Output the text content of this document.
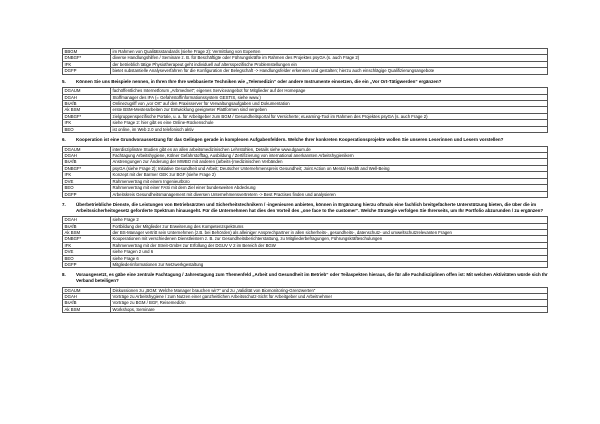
BBGM	im Rahmen von Qualitätsstandards (siehe Frage 2): Vermittlung von Experten
DNBGF*	diverse Handlungshilfen / Seminare z. B. für Beschäftigte oder Führungskräfte im Rahmen des Projektes psyGA (s. auch Frage 2)
IFK	der betrieblich tätige Physiotherapeut geht individuell auf altersspezifische Problemstellungen ein
DGFP	bietet substantielle Analyseverfahren für die Konfiguration der Belegschaft -> Handlungsfelder erkennen und gestalten; hierzu auch einschlägige Qualifizierungsangebote
5.	Können Sie uns Beispiele nennen, in Ihren Ihre Ihre webbasierte Techniken wie „Telemedizin“ oder andere Instrumente einsetzen, die ein „Vor Ort-Tätigwerden“ ergänzen?
DGAUM	fachöffentliches Internetforum „Arbmednet“; eigenes Serviceangebot für Mitglieder auf der Homepage
DGAH	Stoffmanager des IFA (= Gefahrstoffinformationssystem GESTIS, siehe www.)
BsAfB	Onlinezugriff von „vor Ort“ auf den Praxisserver für Verwaltungsaufgaben und Dokumentation
Ak BSM	erste BSM-Mesterarbeiten zur Entwicklung geeigneter Plattformen sind vergeben
DNBGF*	zielgruppenspezifische Portale, u. a. für Arbeitgeber zum BGM / Gesundheitsportal für Versicherte; eLearning-Tool im Rahmen des Projektes psyGA (s. auch Frage 2)
IFK	siehe Frage 2: hier gibt es eine Online-Rückenschule
BEO	ist online, im Web 2.0 und telefonisch aktiv
6.	Kooperation ist eine Grundvoraussetzung für das Gelingen gerade in komplexen Aufgabenfeldern. Welche Ihrer konkreten Kooperationsprojekte wollen Sie unseren Leserinnen und Lesern vorstellen?
DGAUM	interdisziplinäre Studien gibt es an allen arbeitsmedizinischen Lehrstühlen, Details siehe www.dgaum.de
DGAH	Fachtagung Arbeitshygiene, Kölner Gefahrstofftag, Ausbildung / Zertifizierung von international anerkannten Arbeitshygienikern
BsAfB	Anstrengungen zur Änderung der MWBO mit anderen (arbeits-)medizinischen Verbänden
DNBGF*	psyGA (siehe Frage 2); Initiative Gesundheit und Arbeit; Deutscher Unternehmenspreis Gesundheit; Joint Action on Mental Health and Well-Being
IFK	Konzept mit der Barmer GEK zur BGF (siehe Frage 2)
DVE	Rahmenvertrag mit einem Ingenieurbüro
BEO	Rahmenvertrag mit einer FASi mit dem Ziel einer bundesweiten Abdeckung
DGFP	Arbeitskreis Gesundheitsmanagement mit diversen Unternehmensvertretern -> Best Practises finden und analysieren
7.	Überbetriebliche Dienste, die Leistungen von Betriebsärzten und Sicherheitstechnikern / -ingenieuren anbieten, können in Ergänzung hierzu oftmals eine fachlich breitgefächerte Unterstützung bieten, die über die im Arbeitssicherheitsgesetz geforderte Spektrum hinausgeht. Für die Unternehmen hat dies den Vorteil des „one face to the customer“. Welche Strategie verfolgen Sie Ihrerseits, um Ihr Portfolio abzurunden / zu ergänzen?
DGAH	siehe Frage 2
BsAfB	Fortbildung der Mitglieder zur Erweiterung des Kompetenzspektrums
Ak BSM	der BS-Manager vertritt sein Unternehmen (z.B. bei Behörden) als alleiniger Ansprechpartner in allen sicherheits-, gesundheits-, datenschutz- und umweltschutzrelevanten Fragen
DNBGF*	Kooperationen mit verschiedenen Dienstleistern z. B. zur Gesundheitsberichterstattung, zu Mitgliederbefragungen, Führungskräfteschulungen
IFK	Rahmenvertrag mit der Streit-GmbH zur Erfüllung der DGUV V 2 im Bereich der BGW
DVE	siehe Fragen 2 und 6
BEO	siehe Frage 6
DGFP	Mitgliederinformationen zur Netzwerkgestaltung
8.	Vorausgesetzt, es gäbe eine zentrale Fachtagung / Jahrestagung zum Themenfeld „Arbeit und Gesundheit im Betrieb“ oder Teilaspekten hieraus, die für alle Fachdisziplinen offen ist: Mit welchen Aktivitäten würde sich Ihr Verband beteiligen?
DGAUM	Diskussionen zu „BGM: Welche Manager brauchen wir?“ und zu „Validität von Biomonitoring-Grenzwerten“
DGAH	Vorträge zu Arbeitshygiene / zum Nutzen einer ganzheitlichen Arbeitsschutz-Sicht für Arbeitgeber und Arbeitnehmer
BsAfB	Vorträge zu BGM / BGF, Reisemedizin
Ak BSM	Workshops, Seminare
